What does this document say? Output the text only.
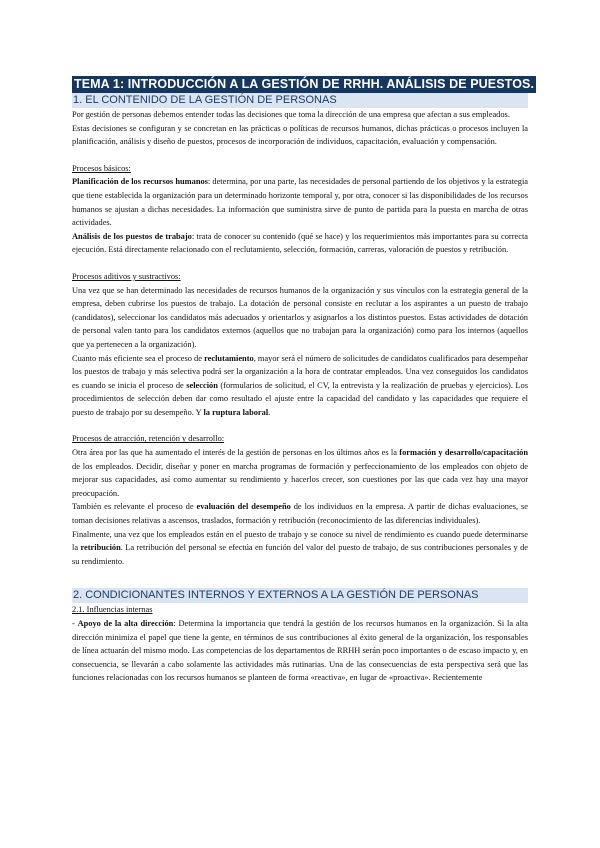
TEMA 1: INTRODUCCIÓN A LA GESTIÓN DE RRHH. ANÁLISIS DE PUESTOS.
1. EL CONTENIDO DE LA GESTIÓN DE PERSONAS

Por gestión de personas debemos entender todas las decisiones que toma la dirección de una empresa que afectan a sus empleados.

Estas decisiones se configuran y se concretan en las prácticas o políticas de recursos humanos, dichas prácticas o procesos incluyen la planificación, análisis y diseño de puestos, procesos de incorporación de individuos, capacitación, evaluación y compensación.

Procesos básicos:

Planificación de los recursos humanos: determina, por una parte, las necesidades de personal partiendo de los objetivos y la estrategia que tiene establecida la organización para un determinado horizonte temporal y, por otra, conocer si las disponibilidades de los recursos humanos se ajustan a dichas necesidades. La información que suministra sirve de punto de partida para la puesta en marcha de otras actividades.

Análisis de los puestos de trabajo: trata de conocer su contenido (qué se hace) y los requerimientos más importantes para su correcta ejecución. Está directamente relacionado con el reclutamiento, selección, formación, carreras, valoración de puestos y retribución.

Procesos aditivos y sustractivos:

Una vez que se han determinado las necesidades de recursos humanos de la organización y sus vínculos con la estrategia general de la empresa, deben cubrirse los puestos de trabajo. La dotación de personal consiste en reclutar a los aspirantes a un puesto de trabajo (candidatos), seleccionar los candidatos más adecuados y orientarlos y asignarlos a los distintos puestos. Estas actividades de dotación de personal valen tanto para los candidatos externos (aquellos que no trabajan para la organización) como para los internos (aquellos que ya pertenecen a la organización).

Cuanto más eficiente sea el proceso de reclutamiento, mayor será el número de solicitudes de candidatos cualificados para desempeñar los puestos de trabajo y más selectiva podrá ser la organización a la hora de contratar empleados. Una vez conseguidos los candidatos es cuando se inicia el proceso de selección (formularios de solicitud, el CV, la entrevista y la realización de pruebas y ejercicios). Los procedimientos de selección deben dar como resultado el ajuste entre la capacidad del candidato y las capacidades que requiere el puesto de trabajo por su desempeño. Y la ruptura laboral.

Procesos de atracción, retención y desarrollo:

Otra área por las que ha aumentado el interés de la gestión de personas en los últimos años es la formación y desarrollo/capacitación de los empleados. Decidir, diseñar y poner en marcha programas de formación y perfeccionamiento de los empleados con objeto de mejorar sus capacidades, así como aumentar su rendimiento y hacerlos crecer, son cuestiones por las que cada vez hay una mayor preocupación.

También es relevante el proceso de evaluación del desempeño de los individuos en la empresa. A partir de dichas evaluaciones, se toman decisiones relativas a ascensos, traslados, formación y retribución (reconocimiento de las diferencias individuales).

Finalmente, una vez que los empleados están en el puesto de trabajo y se conoce su nivel de rendimiento es cuando puede determinarse la retribución. La retribución del personal se efectúa en función del valor del puesto de trabajo, de sus contribuciones personales y de su rendimiento.

2. CONDICIONANTES INTERNOS Y EXTERNOS A LA GESTIÓN DE PERSONAS

2.1. Influencias internas

- Apoyo de la alta dirección: Determina la importancia que tendrá la gestión de los recursos humanos en la organización. Si la alta dirección minimiza el papel que tiene la gente, en términos de sus contribuciones al éxito general de la organización, los responsables de línea actuarán del mismo modo. Las competencias de los departamentos de RRHH serán poco importantes o de escaso impacto y, en consecuencia, se llevarán a cabo solamente las actividades más rutinarias. Una de las consecuencias de esta perspectiva será que las funciones relacionadas con los recursos humanos se planteen de forma «reactiva», en lugar de «proactiva». Recientemente
